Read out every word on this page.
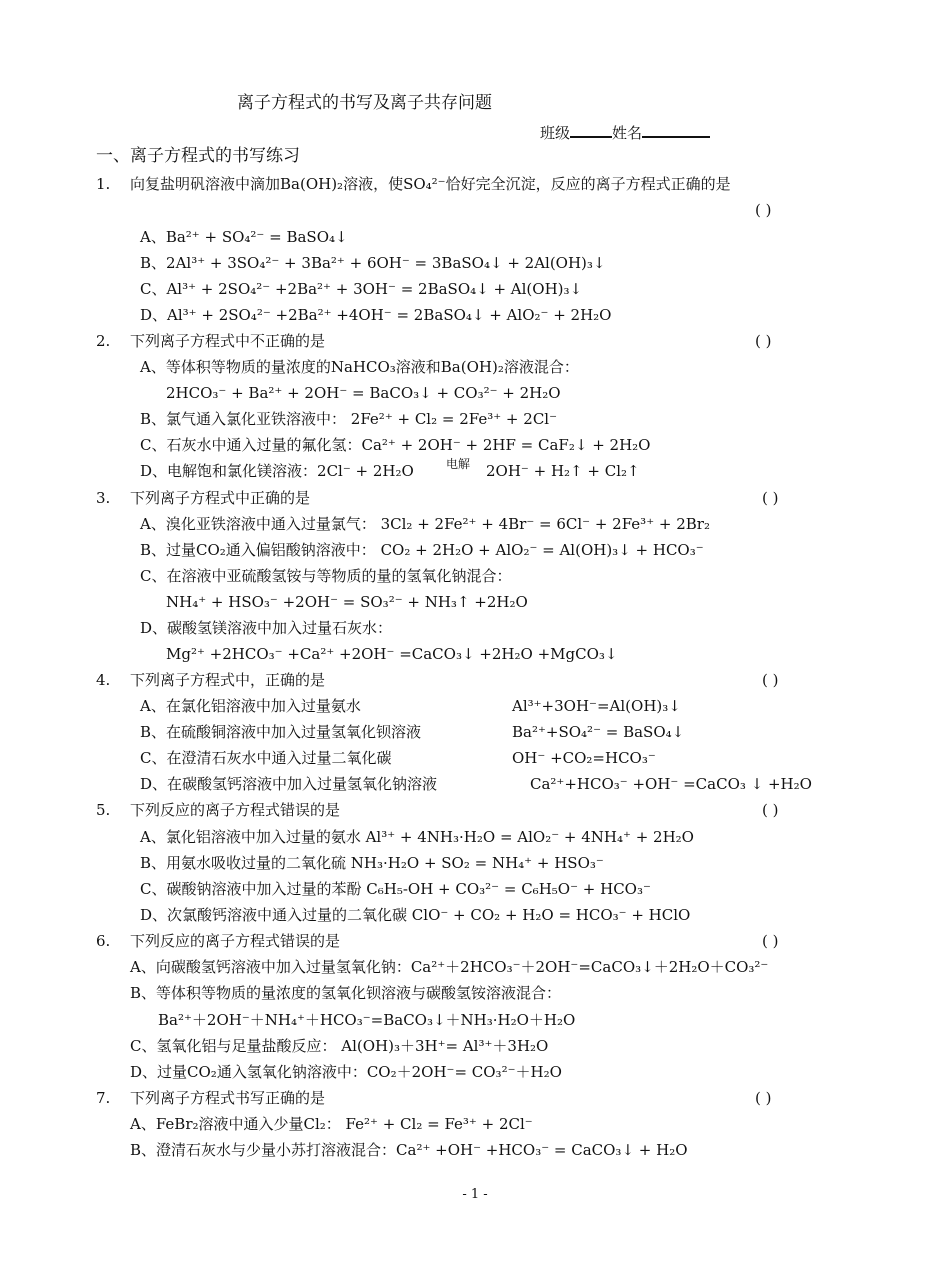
离子方程式的书写及离子共存问题
班级	姓名
一、离子方程式的书写练习
1. 向复盐明矾溶液中滴加Ba(OH)₂溶液，使SO₄²⁻恰好完全沉淀，反应的离子方程式正确的是
( )
A、Ba²⁺ + SO₄²⁻ = BaSO₄↓
B、2Al³⁺ + 3SO₄²⁻ + 3Ba²⁺ + 6OH⁻ = 3BaSO₄↓ + 2Al(OH)₃↓
C、Al³⁺ + 2SO₄²⁻ +2Ba²⁺ + 3OH⁻ = 2BaSO₄↓ + Al(OH)₃↓
D、Al³⁺ + 2SO₄²⁻ +2Ba²⁺ +4OH⁻ = 2BaSO₄↓ + AlO₂⁻ + 2H₂O
2. 下列离子方程式中不正确的是	( )
A、等体积等物质的量浓度的NaHCO₃溶液和Ba(OH)₂溶液混合：
2HCO₃⁻ + Ba²⁺ + 2OH⁻ = BaCO₃↓ + CO₃²⁻ + 2H₂O
B、氯气通入氯化亚铁溶液中： 2Fe²⁺ + Cl₂ = 2Fe³⁺ + 2Cl⁻
C、石灰水中通入过量的氟化氢：Ca²⁺ + 2OH⁻ + 2HF = CaF₂↓ + 2H₂O
D、电解饱和氯化镁溶液：2Cl⁻ + 2H₂O	电解 2OH⁻ + H₂↑ + Cl₂↑
3. 下列离子方程式中正确的是	( )
A、溴化亚铁溶液中通入过量氯气： 3Cl₂ + 2Fe²⁺ + 4Br⁻ = 6Cl⁻ + 2Fe³⁺ + 2Br₂
B、过量CO₂通入偏铝酸钠溶液中： CO₂ + 2H₂O + AlO₂⁻ = Al(OH)₃↓ + HCO₃⁻
C、在溶液中亚硫酸氢铵与等物质的量的氢氧化钠混合：
NH₄⁺ + HSO₃⁻ +2OH⁻ = SO₃²⁻ + NH₃↑ +2H₂O
D、碳酸氢镁溶液中加入过量石灰水：
Mg²⁺ +2HCO₃⁻ +Ca²⁺ +2OH⁻ =CaCO₃↓ +2H₂O +MgCO₃↓
4. 下列离子方程式中，正确的是	( )
A、在氯化铝溶液中加入过量氨水	Al³⁺+3OH⁻=Al(OH)₃↓
B、在硫酸铜溶液中加入过量氢氧化钡溶液	Ba²⁺+SO₄²⁻ = BaSO₄↓
C、在澄清石灰水中通入过量二氧化碳	OH⁻ +CO₂=HCO₃⁻
D、在碳酸氢钙溶液中加入过量氢氧化钠溶液	Ca²⁺+HCO₃⁻ +OH⁻ =CaCO₃ ↓ +H₂O
5. 下列反应的离子方程式错误的是	( )
A、氯化铝溶液中加入过量的氨水 Al³⁺ + 4NH₃·H₂O = AlO₂⁻ + 4NH₄⁺ + 2H₂O
B、用氨水吸收过量的二氧化硫 NH₃·H₂O + SO₂ = NH₄⁺ + HSO₃⁻
C、碳酸钠溶液中加入过量的苯酚 C₆H₅-OH + CO₃²⁻ = C₆H₅O⁻ + HCO₃⁻
D、次氯酸钙溶液中通入过量的二氧化碳 ClO⁻ + CO₂ + H₂O = HCO₃⁻ + HClO
6. 下列反应的离子方程式错误的是	( )
A、向碳酸氢钙溶液中加入过量氢氧化钠：Ca²⁺＋2HCO₃⁻＋2OH⁻=CaCO₃↓＋2H₂O＋CO₃²⁻
B、等体积等物质的量浓度的氢氧化钡溶液与碳酸氢铵溶液混合：
Ba²⁺＋2OH⁻＋NH₄⁺＋HCO₃⁻=BaCO₃↓＋NH₃·H₂O＋H₂O
C、氢氧化铝与足量盐酸反应： Al(OH)₃＋3H⁺= Al³⁺＋3H₂O
D、过量CO₂通入氢氧化钠溶液中：CO₂＋2OH⁻= CO₃²⁻＋H₂O
7. 下列离子方程式书写正确的是	( )
A、FeBr₂溶液中通入少量Cl₂： Fe²⁺ + Cl₂ = Fe³⁺ + 2Cl⁻
B、澄清石灰水与少量小苏打溶液混合：Ca²⁺ +OH⁻ +HCO₃⁻ = CaCO₃↓ + H₂O
- 1 -
